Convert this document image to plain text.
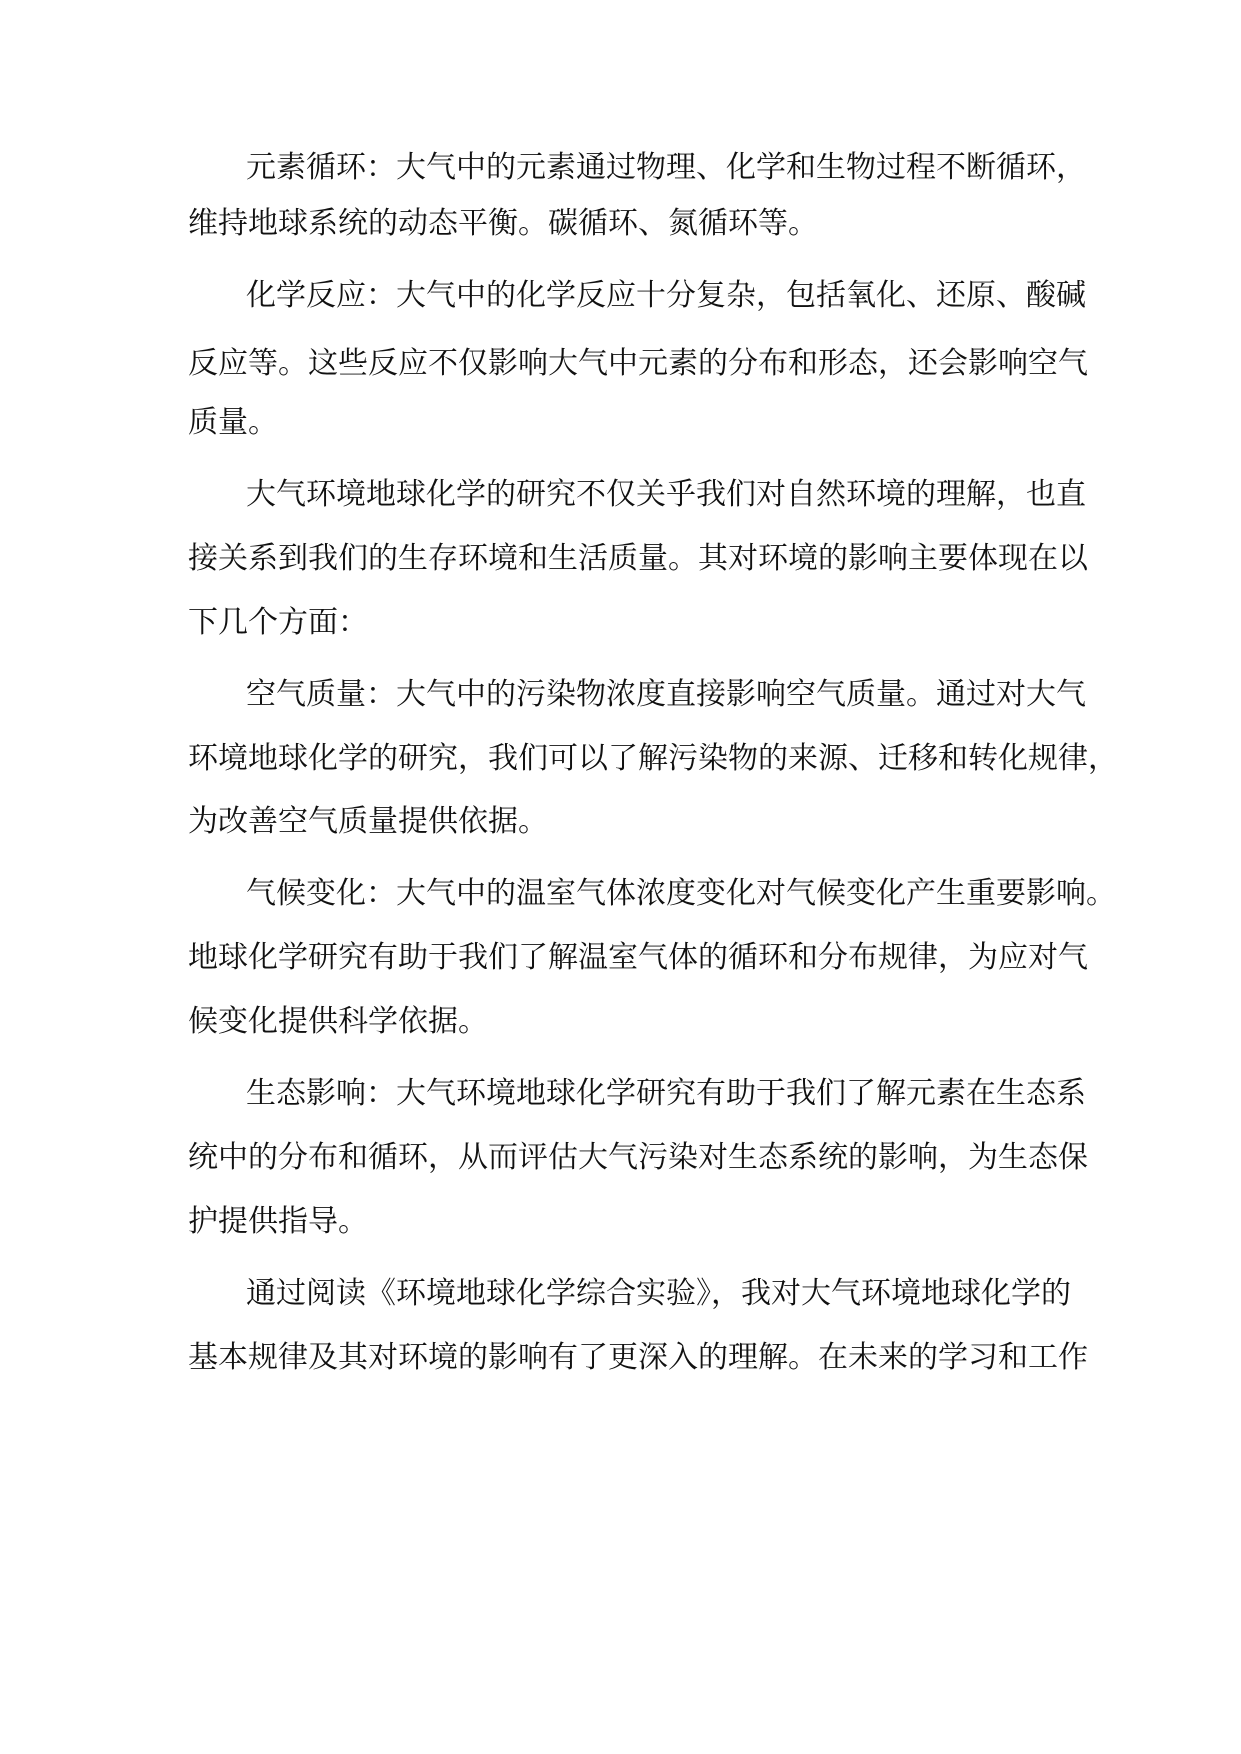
元素循环：大气中的元素通过物理、化学和生物过程不断循环，
维持地球系统的动态平衡。碳循环、氮循环等。
化学反应：大气中的化学反应十分复杂，包括氧化、还原、酸碱
反应等。这些反应不仅影响大气中元素的分布和形态，还会影响空气
质量。
大气环境地球化学的研究不仅关乎我们对自然环境的理解，也直
接关系到我们的生存环境和生活质量。其对环境的影响主要体现在以
下几个方面：
空气质量：大气中的污染物浓度直接影响空气质量。通过对大气
环境地球化学的研究，我们可以了解污染物的来源、迁移和转化规律，
为改善空气质量提供依据。
气候变化：大气中的温室气体浓度变化对气候变化产生重要影响。
地球化学研究有助于我们了解温室气体的循环和分布规律，为应对气
候变化提供科学依据。
生态影响：大气环境地球化学研究有助于我们了解元素在生态系
统中的分布和循环，从而评估大气污染对生态系统的影响，为生态保
护提供指导。
通过阅读《环境地球化学综合实验》，我对大气环境地球化学的
基本规律及其对环境的影响有了更深入的理解。在未来的学习和工作
